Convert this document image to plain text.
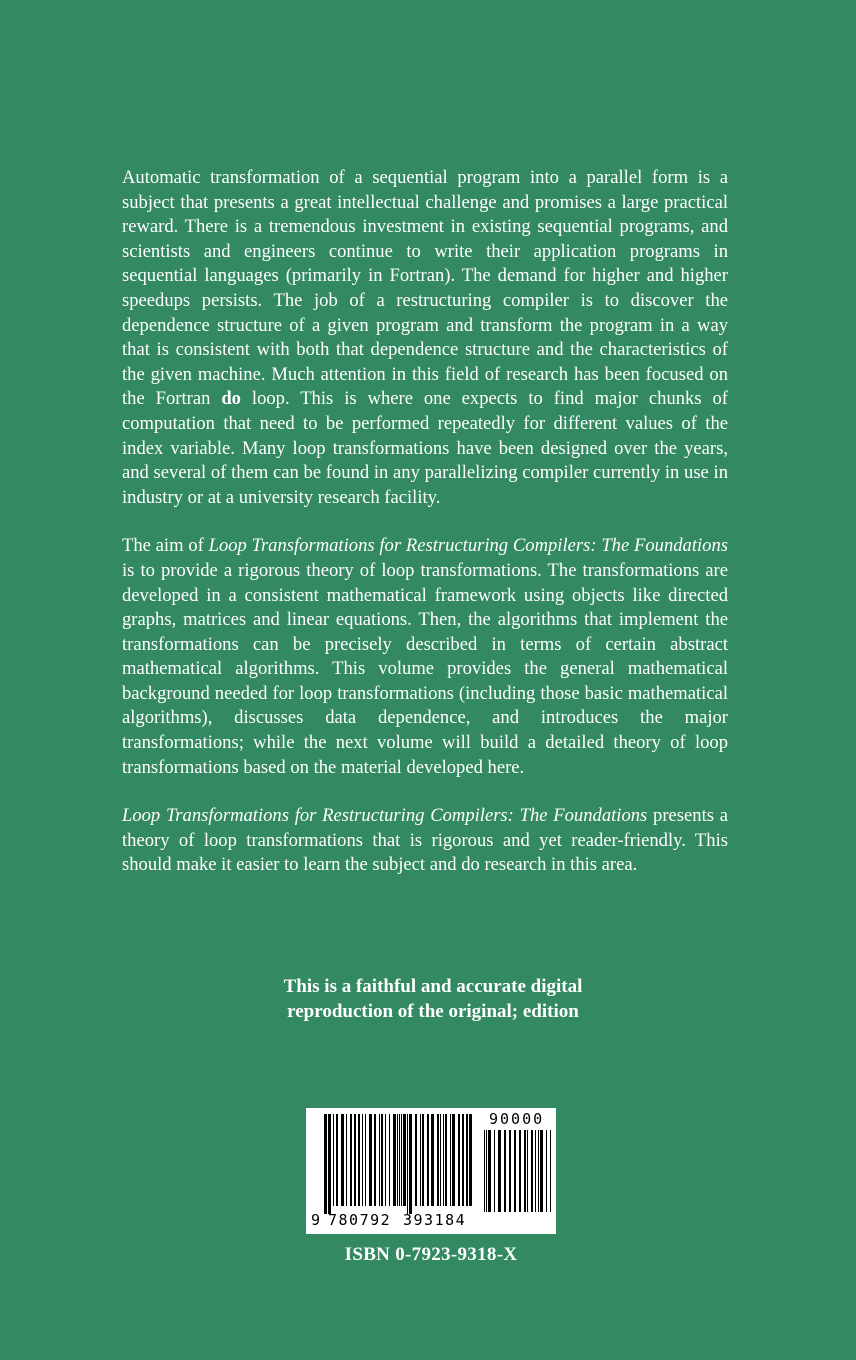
Automatic transformation of a sequential program into a parallel form is a subject that presents a great intellectual challenge and promises a large practical reward. There is a tremendous investment in existing sequential programs, and scientists and engineers continue to write their application programs in sequential languages (primarily in Fortran). The demand for higher and higher speedups persists. The job of a restructuring compiler is to discover the dependence structure of a given program and transform the program in a way that is consistent with both that dependence structure and the characteristics of the given machine. Much attention in this field of research has been focused on the Fortran do loop. This is where one expects to find major chunks of computation that need to be performed repeatedly for different values of the index variable. Many loop transformations have been designed over the years, and several of them can be found in any parallelizing compiler currently in use in industry or at a university research facility.

The aim of Loop Transformations for Restructuring Compilers: The Foundations is to provide a rigorous theory of loop transformations. The transformations are developed in a consistent mathematical framework using objects like directed graphs, matrices and linear equations. Then, the algorithms that implement the transformations can be precisely described in terms of certain abstract mathematical algorithms. This volume provides the general mathematical background needed for loop transformations (including those basic mathematical algorithms), discusses data dependence, and introduces the major transformations; while the next volume will build a detailed theory of loop transformations based on the material developed here.

Loop Transformations for Restructuring Compilers: The Foundations presents a theory of loop transformations that is rigorous and yet reader-friendly. This should make it easier to learn the subject and do research in this area.

This is a faithful and accurate digital
reproduction of the original; edition
9 780792 393184
90000
ISBN 0-7923-9318-X
